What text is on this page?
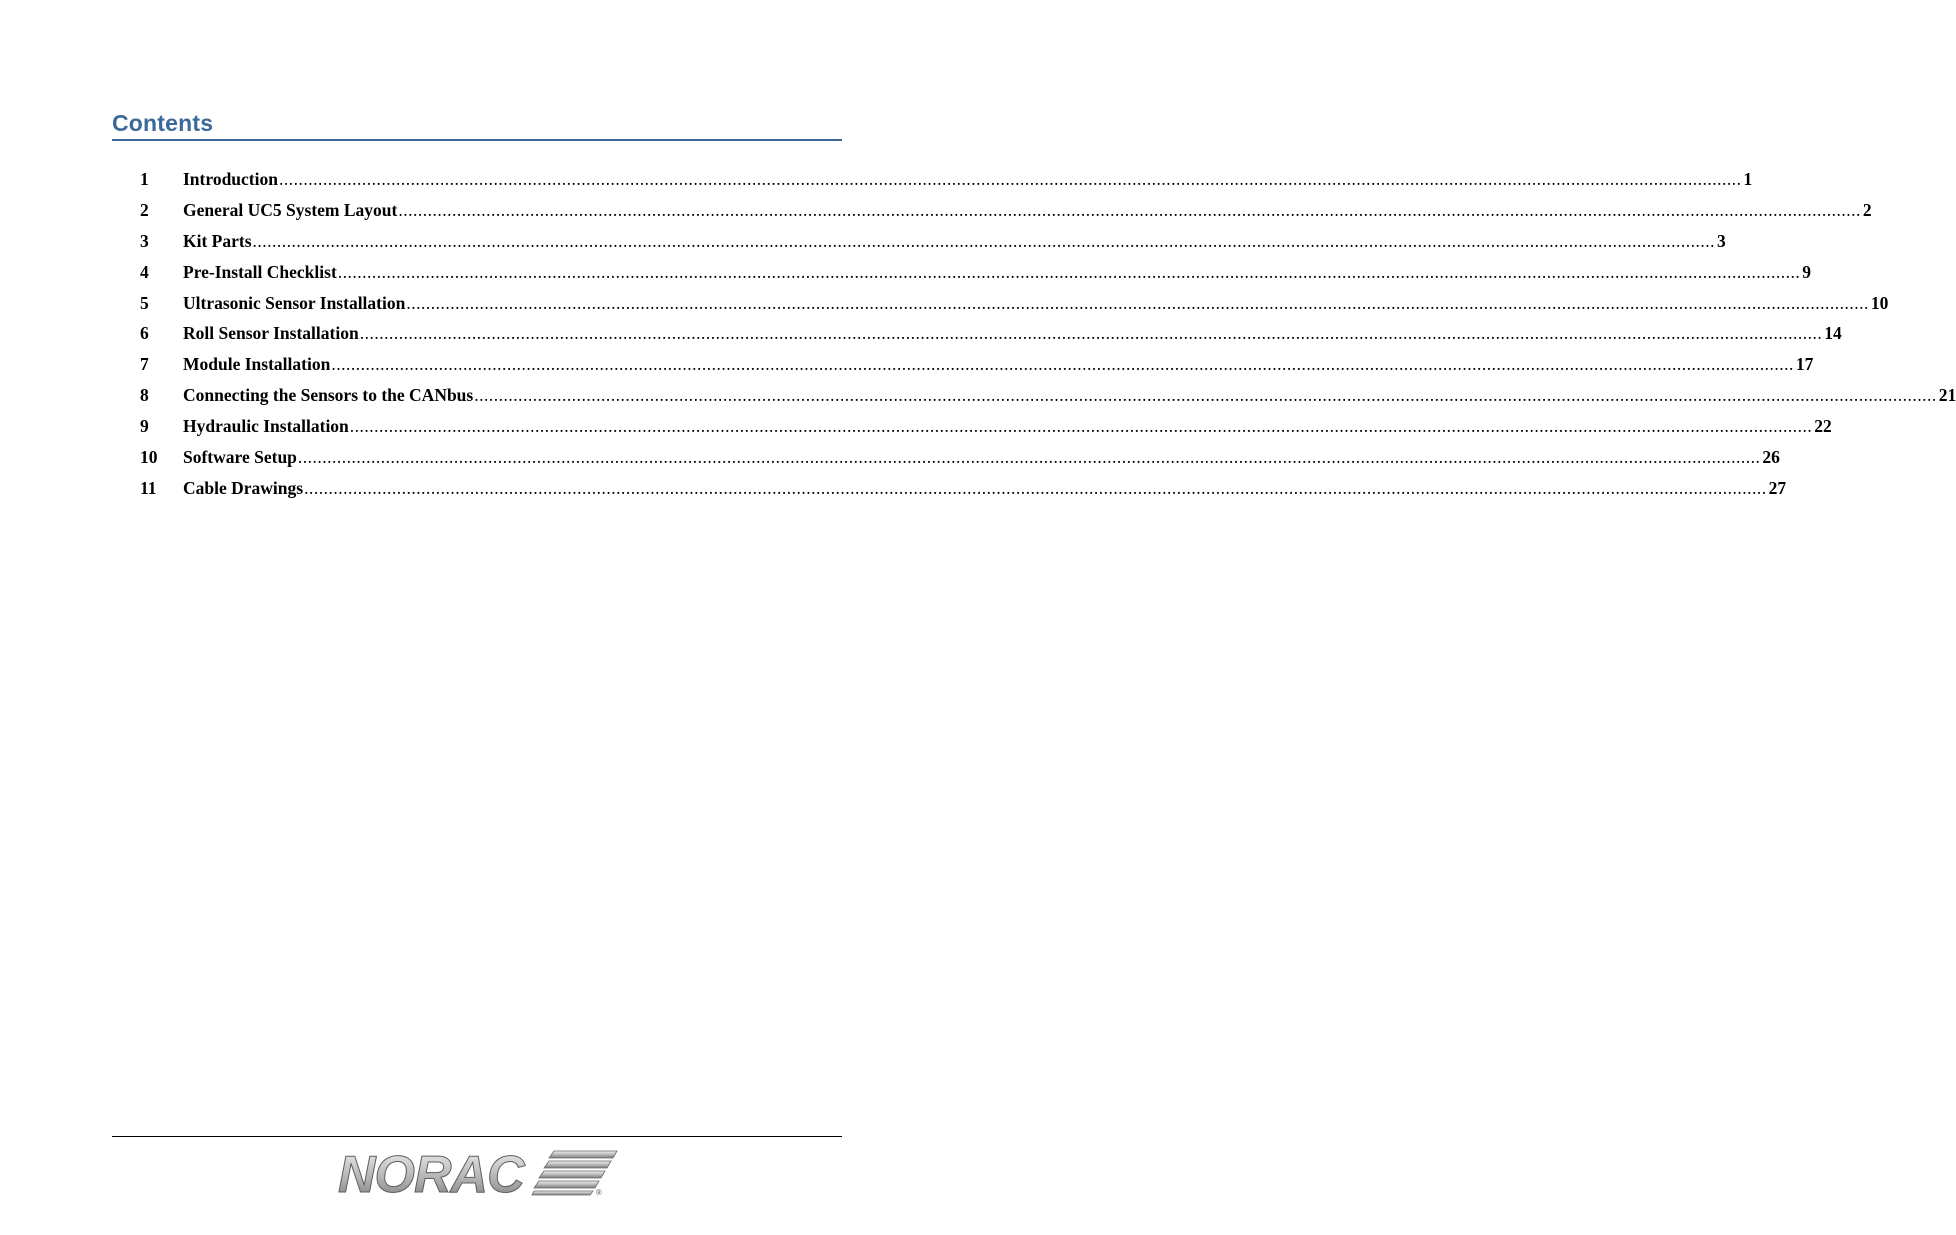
Contents
1	Introduction ............................................................................................................................................................................................................................................................................................................ 1
2	General UC5 System Layout ............................................................................................................................................................................................................................................................................................................ 2
3	Kit Parts ............................................................................................................................................................................................................................................................................................................ 3
4	Pre-Install Checklist ............................................................................................................................................................................................................................................................................................................ 9
5	Ultrasonic Sensor Installation ............................................................................................................................................................................................................................................................................................................ 10
6	Roll Sensor Installation ............................................................................................................................................................................................................................................................................................................ 14
7	Module Installation ............................................................................................................................................................................................................................................................................................................ 17
8	Connecting the Sensors to the CANbus ............................................................................................................................................................................................................................................................................................................ 21
9	Hydraulic Installation ............................................................................................................................................................................................................................................................................................................ 22
10	Software Setup ............................................................................................................................................................................................................................................................................................................ 26
11	Cable Drawings ............................................................................................................................................................................................................................................................................................................ 27
NORAC	®
